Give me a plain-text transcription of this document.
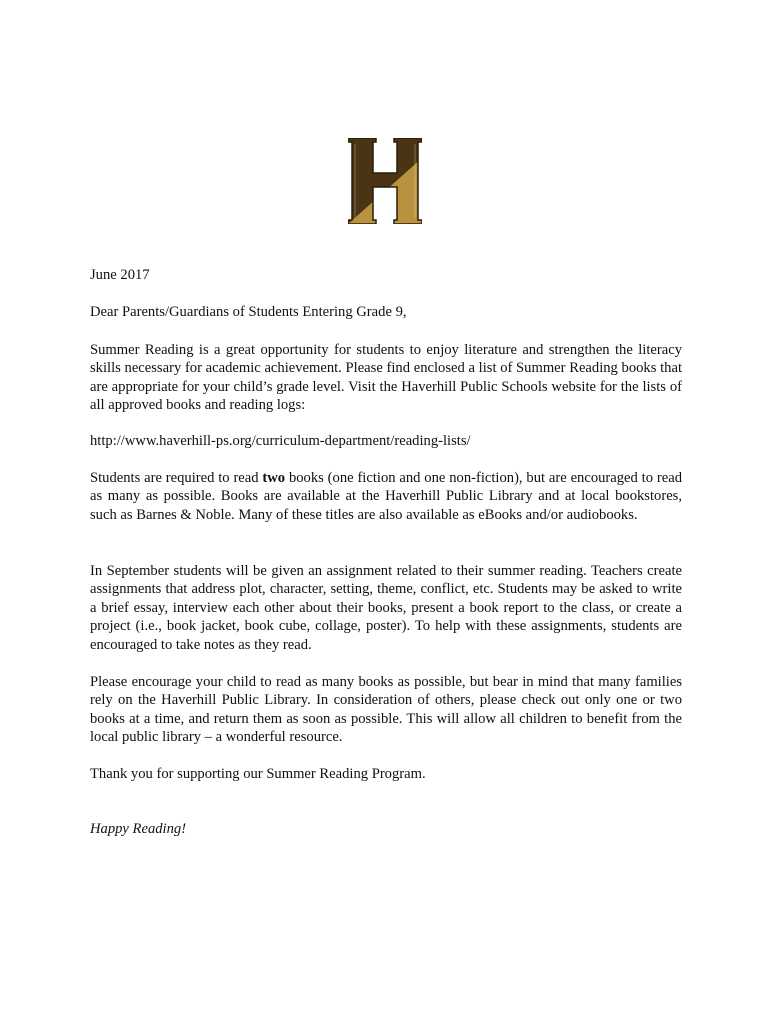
June 2017

Dear Parents/Guardians of Students Entering Grade 9,

Summer Reading is a great opportunity for students to enjoy literature and strengthen the literacy skills necessary for academic achievement. Please find enclosed a list of Summer Reading books that are appropriate for your child’s grade level. Visit the Haverhill Public Schools website for the lists of all approved books and reading logs:

http://www.haverhill-ps.org/curriculum-department/reading-lists/

Students are required to read two books (one fiction and one non-fiction), but are encouraged to read as many as possible. Books are available at the Haverhill Public Library and at local bookstores, such as Barnes & Noble. Many of these titles are also available as eBooks and/or audiobooks.

In September students will be given an assignment related to their summer reading. Teachers create assignments that address plot, character, setting, theme, conflict, etc. Students may be asked to write a brief essay, interview each other about their books, present a book report to the class, or create a project (i.e., book jacket, book cube, collage, poster). To help with these assignments, students are encouraged to take notes as they read.

Please encourage your child to read as many books as possible, but bear in mind that many families rely on the Haverhill Public Library. In consideration of others, please check out only one or two books at a time, and return them as soon as possible. This will allow all children to benefit from the local public library – a wonderful resource.

Thank you for supporting our Summer Reading Program.

Happy Reading!
